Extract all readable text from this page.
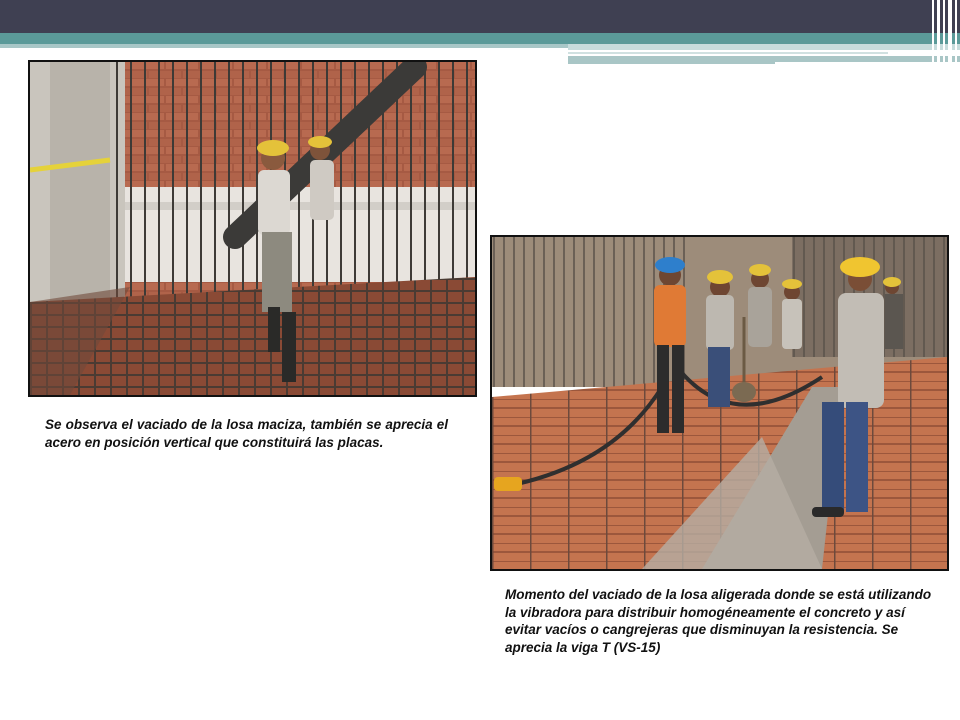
Se observa el vaciado de la losa maciza, también se aprecia el acero en posición vertical que constituirá las placas.

Momento del vaciado de la losa aligerada donde se está utilizando la vibradora para distribuir homogéneamente el concreto y así evitar vacíos o cangrejeras que disminuyan la resistencia. Se aprecia la viga T (VS-15)
